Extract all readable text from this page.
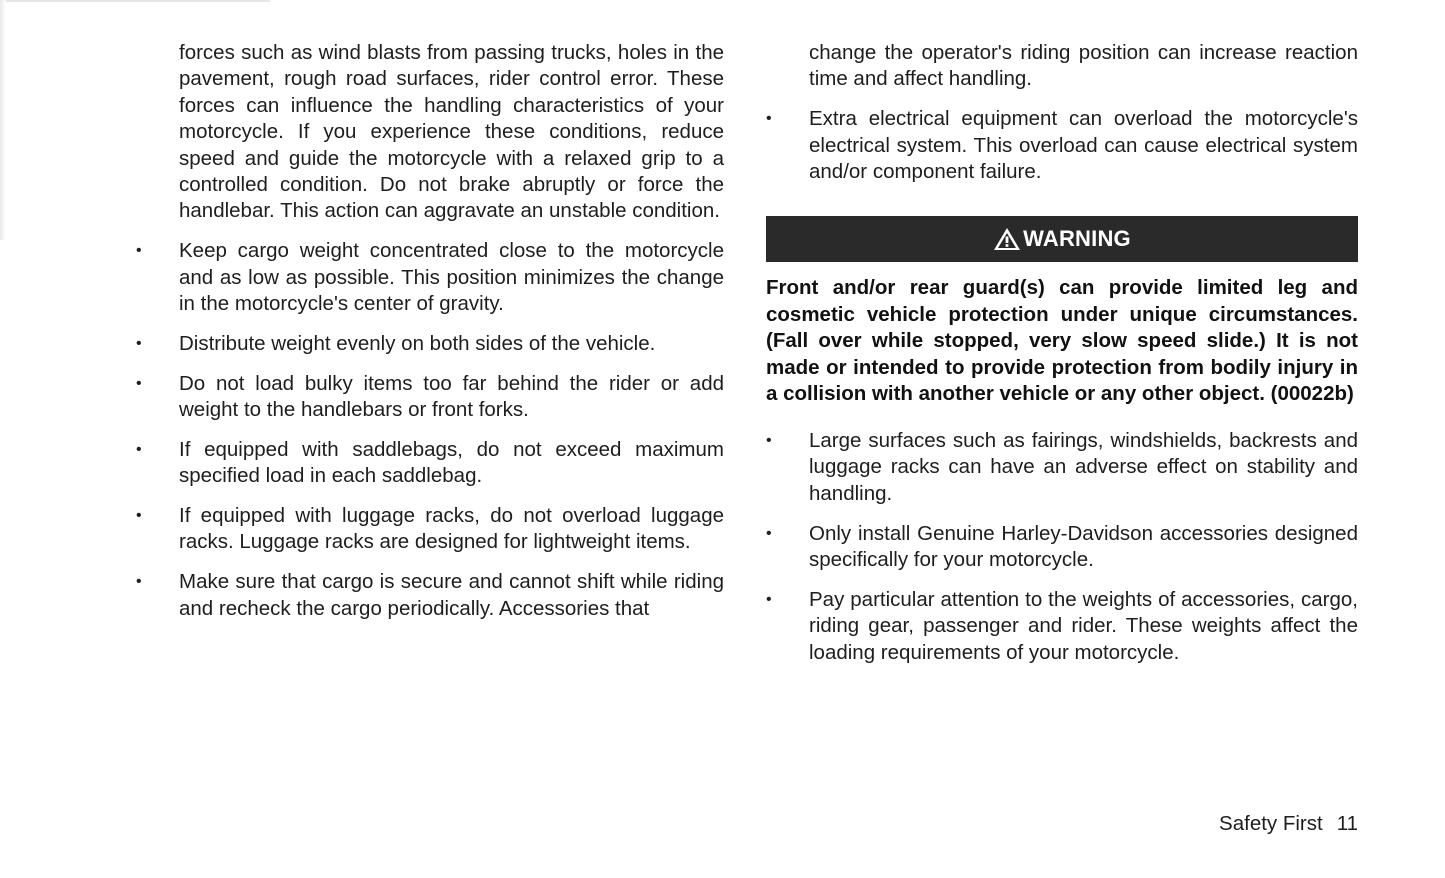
forces such as wind blasts from passing trucks, holes in the pavement, rough road surfaces, rider control error. These forces can influence the handling characteristics of your motorcycle. If you experience these conditions, reduce speed and guide the motorcycle with a relaxed grip to a controlled condition. Do not brake abruptly or force the handlebar. This action can aggravate an unstable condition.

• Keep cargo weight concentrated close to the motorcycle and as low as possible. This position minimizes the change in the motorcycle's center of gravity.
• Distribute weight evenly on both sides of the vehicle.
• Do not load bulky items too far behind the rider or add weight to the handlebars or front forks.
• If equipped with saddlebags, do not exceed maximum specified load in each saddlebag.
• If equipped with luggage racks, do not overload luggage racks. Luggage racks are designed for lightweight items.
• Make sure that cargo is secure and cannot shift while riding and recheck the cargo periodically. Accessories that

change the operator's riding position can increase reaction time and affect handling.

• Extra electrical equipment can overload the motorcycle's electrical system. This overload can cause electrical system and/or component failure.
WARNING

Front and/or rear guard(s) can provide limited leg and cosmetic vehicle protection under unique circumstances. (Fall over while stopped, very slow speed slide.) It is not made or intended to provide protection from bodily injury in a collision with another vehicle or any other object. (00022b)

• Large surfaces such as fairings, windshields, backrests and luggage racks can have an adverse effect on stability and handling.
• Only install Genuine Harley-Davidson accessories designed specifically for your motorcycle.
• Pay particular attention to the weights of accessories, cargo, riding gear, passenger and rider. These weights affect the loading requirements of your motorcycle.
Safety First 11
